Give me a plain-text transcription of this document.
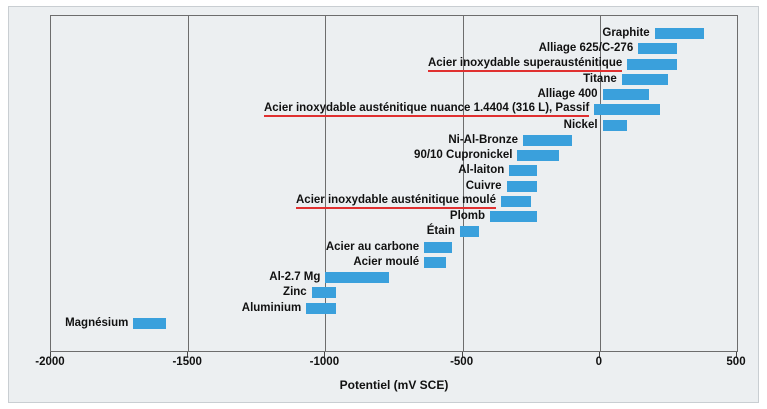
Graphite
Alliage 625/C-276
Acier inoxydable superausténitique
Titane
Alliage 400
Acier inoxydable austénitique nuance 1.4404 (316 L), Passif
Nickel
Ni-Al-Bronze
90/10 Cupronickel
Al-laiton
Cuivre
Acier inoxydable austénitique moulé
Plomb
Étain
Acier au carbone
Acier moulé
Al-2.7 Mg
Zinc
Aluminium
Magnésium
-2000	-1500	-1000	-500	0	500
Potentiel (mV SCE)
